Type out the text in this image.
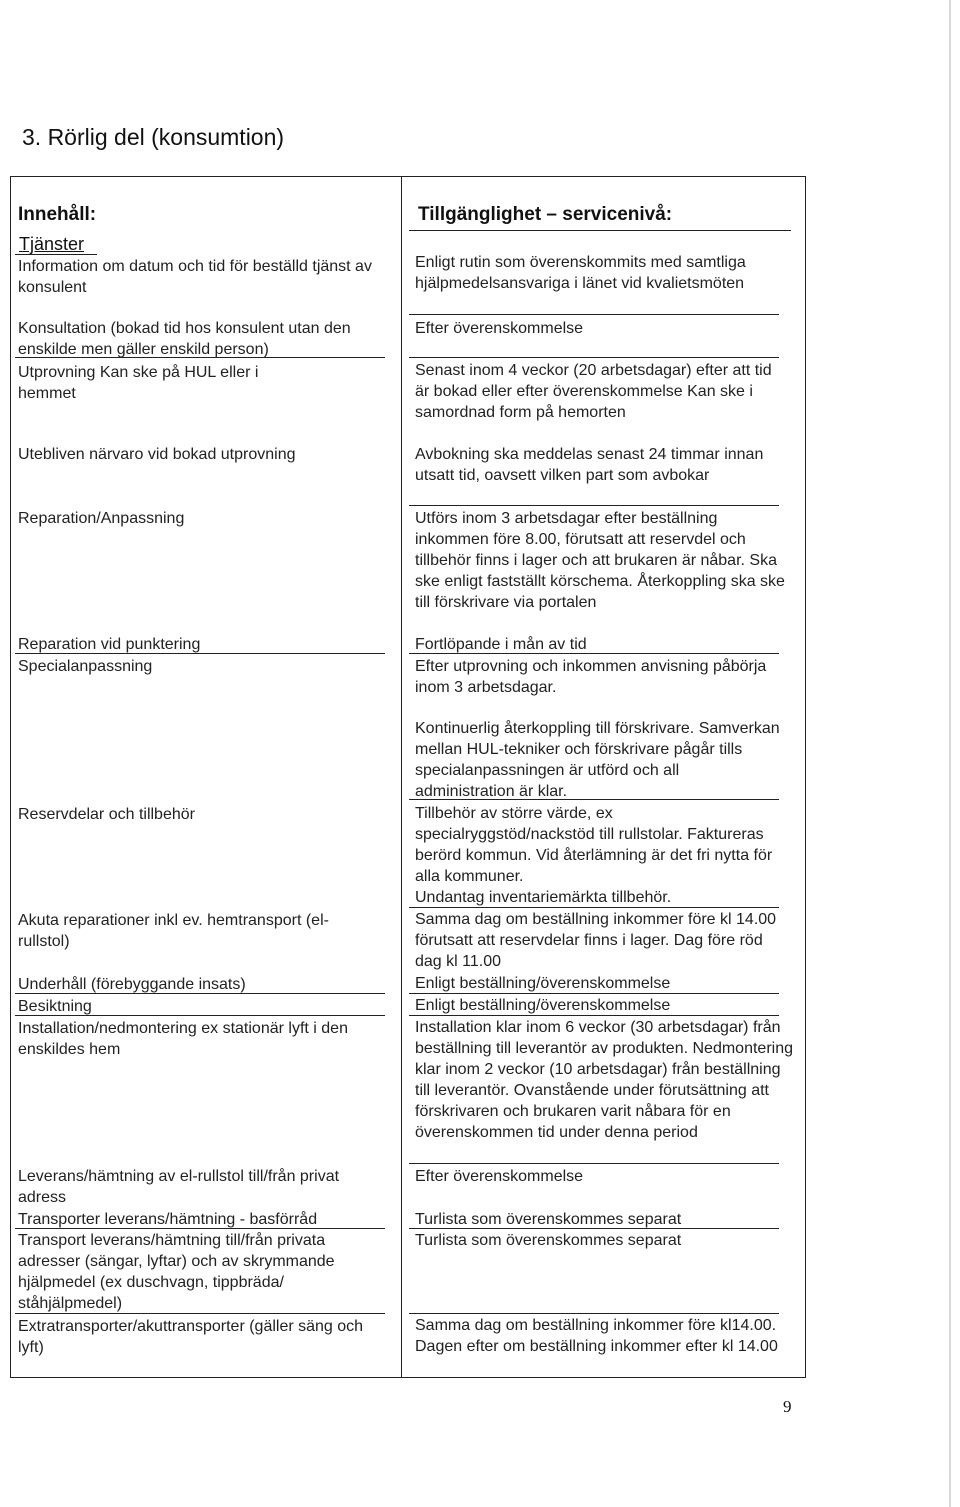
3. Rörlig del (konsumtion)
Innehåll:	Tillgänglighet – servicenivå:
Tjänster
Information om datum och tid för beställd tjänst av konsulent
Konsultation (bokad tid hos konsulent utan den enskilde men gäller enskild person)
Utprovning Kan ske på HUL eller i hemmet
Utebliven närvaro vid bokad utprovning
Reparation/Anpassning
Reparation vid punktering
Specialanpassning
Reservdelar och tillbehör
Akuta reparationer inkl ev. hemtransport (el-rullstol)
Underhåll (förebyggande insats)
Besiktning
Installation/nedmontering ex stationär lyft i den enskildes hem
Leverans/hämtning av el-rullstol till/från privat adress
Transporter leverans/hämtning - basförråd
Transport leverans/hämtning till/från privata adresser (sängar, lyftar) och av skrymmande hjälpmedel (ex duschvagn, tippbräda/ ståhjälpmedel)
Extratransporter/akuttransporter (gäller säng och lyft)
Enligt rutin som överenskommits med samtliga hjälpmedelsansvariga i länet vid kvalietsmöten
Efter överenskommelse
Senast inom 4 veckor (20 arbetsdagar) efter att tid är bokad eller efter överenskommelse Kan ske i samordnad form på hemorten
Avbokning ska meddelas senast 24 timmar innan utsatt tid, oavsett vilken part som avbokar
Utförs inom 3 arbetsdagar efter beställning inkommen före 8.00, förutsatt att reservdel och tillbehör finns i lager och att brukaren är nåbar. Ska ske enligt fastställt körschema. Återkoppling ska ske till förskrivare via portalen
Fortlöpande i mån av tid
Efter utprovning och inkommen anvisning påbörja inom 3 arbetsdagar.
Kontinuerlig återkoppling till förskrivare. Samverkan mellan HUL-tekniker och förskrivare pågår tills specialanpassningen är utförd och all administration är klar.
Tillbehör av större värde, ex specialryggstöd/nackstöd till rullstolar. Faktureras berörd kommun. Vid återlämning är det fri nytta för alla kommuner.
Undantag inventariemärkta tillbehör.
Samma dag om beställning inkommer före kl 14.00 förutsatt att reservdelar finns i lager. Dag före röd dag kl 11.00
Enligt beställning/överenskommelse
Enligt beställning/överenskommelse
Installation klar inom 6 veckor (30 arbetsdagar) från beställning till leverantör av produkten. Nedmontering klar inom 2 veckor (10 arbetsdagar) från beställning till leverantör. Ovanstående under förutsättning att förskrivaren och brukaren varit nåbara för en överenskommen tid under denna period
Efter överenskommelse
Turlista som överenskommes separat
Turlista som överenskommes separat
Samma dag om beställning inkommer före kl14.00. Dagen efter om beställning inkommer efter kl 14.00
9
